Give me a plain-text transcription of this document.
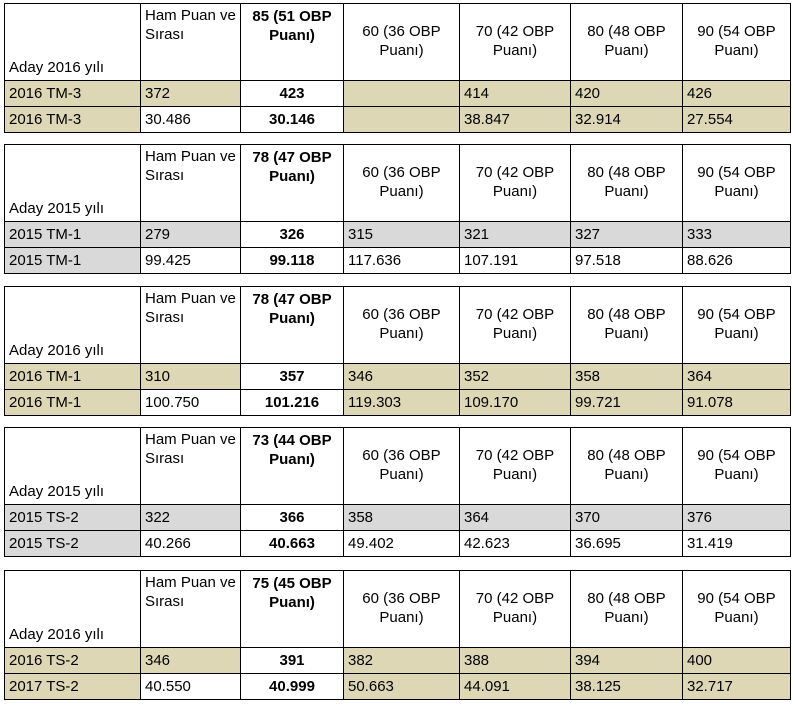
Aday 2016 yılı	Ham Puan ve Sırası	85 (51 OBP Puanı)	60 (36 OBP Puanı)	70 (42 OBP Puanı)	80 (48 OBP Puanı)	90 (54 OBP Puanı)
2016 TM-3	372	423		414	420	426
2016 TM-3	30.486	30.146		38.847	32.914	27.554
Aday 2015 yılı	Ham Puan ve Sırası	78 (47 OBP Puanı)	60 (36 OBP Puanı)	70 (42 OBP Puanı)	80 (48 OBP Puanı)	90 (54 OBP Puanı)
2015 TM-1	279	326	315	321	327	333
2015 TM-1	99.425	99.118	117.636	107.191	97.518	88.626
Aday 2016 yılı	Ham Puan ve Sırası	78 (47 OBP Puanı)	60 (36 OBP Puanı)	70 (42 OBP Puanı)	80 (48 OBP Puanı)	90 (54 OBP Puanı)
2016 TM-1	310	357	346	352	358	364
2016 TM-1	100.750	101.216	119.303	109.170	99.721	91.078
Aday 2015 yılı	Ham Puan ve Sırası	73 (44 OBP Puanı)	60 (36 OBP Puanı)	70 (42 OBP Puanı)	80 (48 OBP Puanı)	90 (54 OBP Puanı)
2015 TS-2	322	366	358	364	370	376
2015 TS-2	40.266	40.663	49.402	42.623	36.695	31.419
Aday 2016 yılı	Ham Puan ve Sırası	75 (45 OBP Puanı)	60 (36 OBP Puanı)	70 (42 OBP Puanı)	80 (48 OBP Puanı)	90 (54 OBP Puanı)
2016 TS-2	346	391	382	388	394	400
2017 TS-2	40.550	40.999	50.663	44.091	38.125	32.717
